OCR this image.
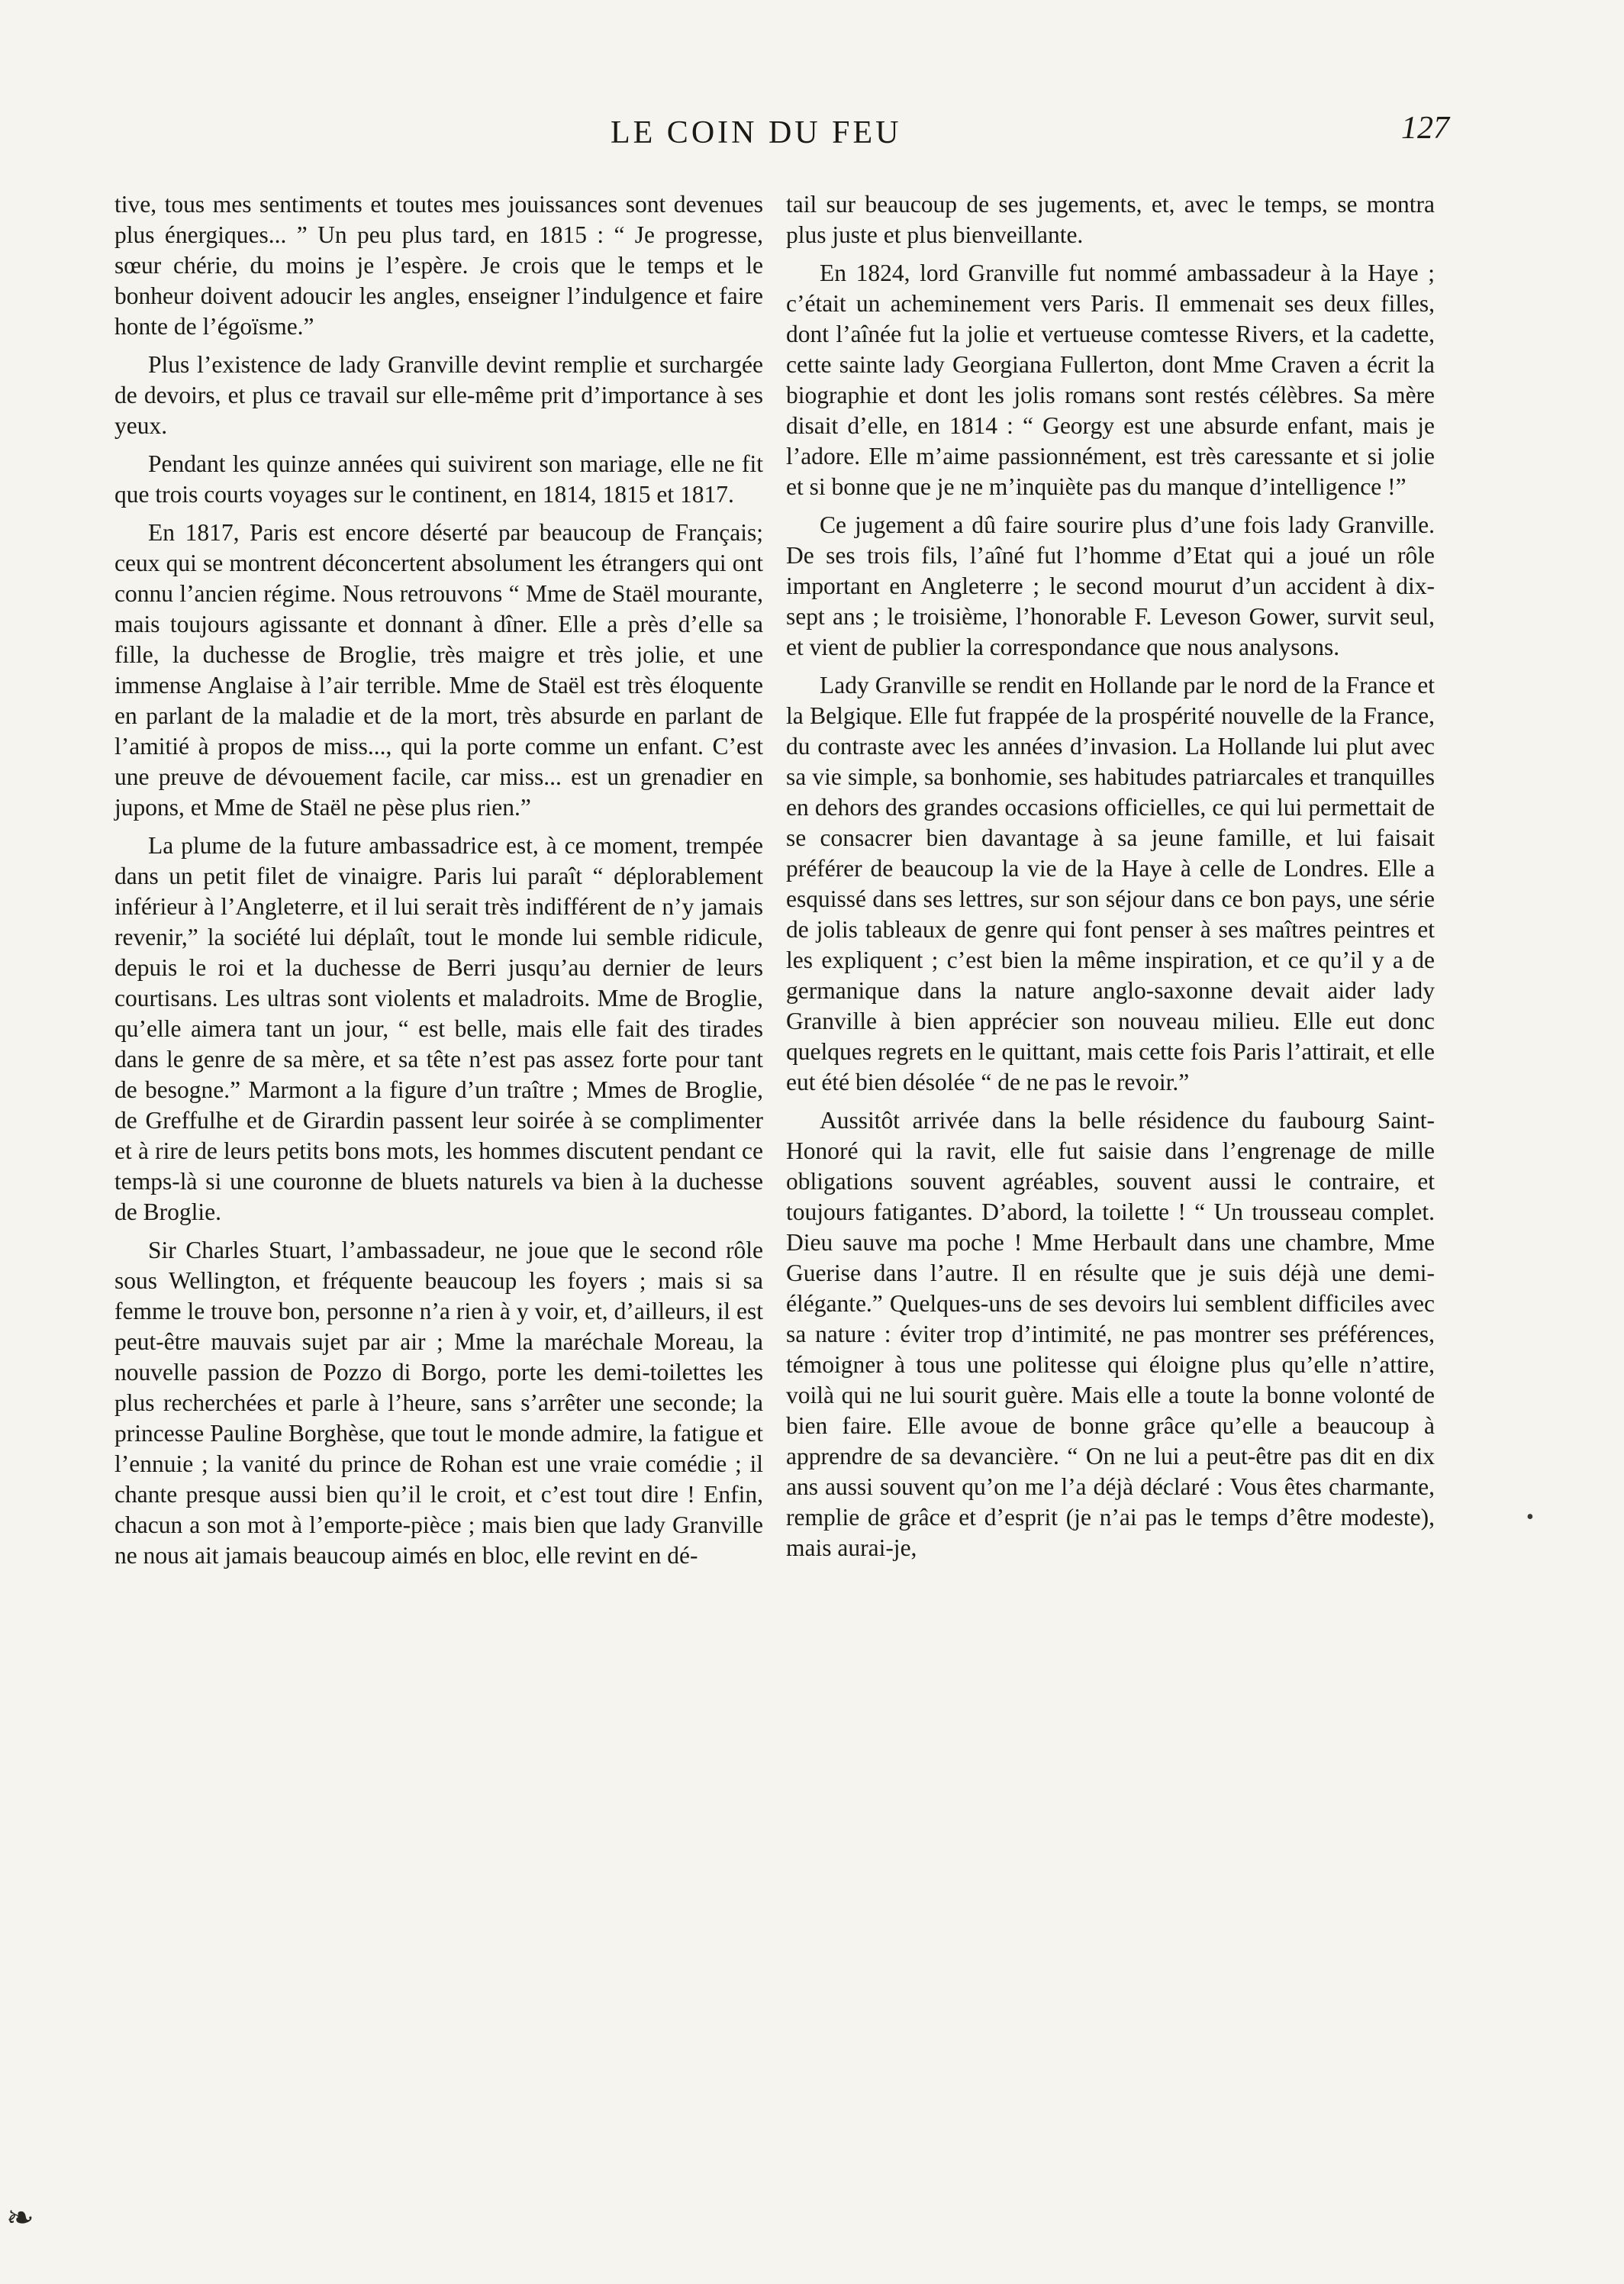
LE COIN DU FEU	127

tive, tous mes sentiments et toutes mes jouissances sont devenues plus énergiques... ” Un peu plus tard, en 1815 : “ Je progresse, sœur chérie, du moins je l’espère. Je crois que le temps et le bonheur doivent adoucir les angles, enseigner l’indulgence et faire honte de l’égoïsme.”

Plus l’existence de lady Granville devint remplie et surchargée de devoirs, et plus ce travail sur elle-même prit d’importance à ses yeux.

Pendant les quinze années qui suivirent son mariage, elle ne fit que trois courts voyages sur le continent, en 1814, 1815 et 1817.

En 1817, Paris est encore déserté par beaucoup de Français; ceux qui se montrent déconcertent absolument les étrangers qui ont connu l’ancien régime. Nous retrouvons “ Mme de Staël mourante, mais toujours agissante et donnant à dîner. Elle a près d’elle sa fille, la duchesse de Broglie, très maigre et très jolie, et une immense Anglaise à l’air terrible. Mme de Staël est très éloquente en parlant de la maladie et de la mort, très absurde en parlant de l’amitié à propos de miss..., qui la porte comme un enfant. C’est une preuve de dévouement facile, car miss... est un grenadier en jupons, et Mme de Staël ne pèse plus rien.”

La plume de la future ambassadrice est, à ce moment, trempée dans un petit filet de vinaigre. Paris lui paraît “ déplorablement inférieur à l’Angleterre, et il lui serait très indifférent de n’y jamais revenir,” la société lui déplaît, tout le monde lui semble ridicule, depuis le roi et la duchesse de Berri jusqu’au dernier de leurs courtisans. Les ultras sont violents et maladroits. Mme de Broglie, qu’elle aimera tant un jour, “ est belle, mais elle fait des tirades dans le genre de sa mère, et sa tête n’est pas assez forte pour tant de besogne.” Marmont a la figure d’un traître ; Mmes de Broglie, de Greffulhe et de Girardin passent leur soirée à se complimenter et à rire de leurs petits bons mots, les hommes discutent pendant ce temps-là si une couronne de bluets naturels va bien à la duchesse de Broglie.

Sir Charles Stuart, l’ambassadeur, ne joue que le second rôle sous Wellington, et fréquente beaucoup les foyers ; mais si sa femme le trouve bon, personne n’a rien à y voir, et, d’ailleurs, il est peut-être mauvais sujet par air ; Mme la maréchale Moreau, la nouvelle passion de Pozzo di Borgo, porte les demi-toilettes les plus recherchées et parle à l’heure, sans s’arrêter une seconde; la princesse Pauline Borghèse, que tout le monde admire, la fatigue et l’ennuie ; la vanité du prince de Rohan est une vraie comédie ; il chante presque aussi bien qu’il le croit, et c’est tout dire ! Enfin, chacun a son mot à l’emporte-pièce ; mais bien que lady Granville ne nous ait jamais beaucoup aimés en bloc, elle revint en dé-

tail sur beaucoup de ses jugements, et, avec le temps, se montra plus juste et plus bienveillante.

En 1824, lord Granville fut nommé ambassadeur à la Haye ; c’était un acheminement vers Paris. Il emmenait ses deux filles, dont l’aînée fut la jolie et vertueuse comtesse Rivers, et la cadette, cette sainte lady Georgiana Fullerton, dont Mme Craven a écrit la biographie et dont les jolis romans sont restés célèbres. Sa mère disait d’elle, en 1814 : “ Georgy est une absurde enfant, mais je l’adore. Elle m’aime passionnément, est très caressante et si jolie et si bonne que je ne m’inquiète pas du manque d’intelligence !”

Ce jugement a dû faire sourire plus d’une fois lady Granville. De ses trois fils, l’aîné fut l’homme d’Etat qui a joué un rôle important en Angleterre ; le second mourut d’un accident à dix-sept ans ; le troisième, l’honorable F. Leveson Gower, survit seul, et vient de publier la correspondance que nous analysons.

Lady Granville se rendit en Hollande par le nord de la France et la Belgique. Elle fut frappée de la prospérité nouvelle de la France, du contraste avec les années d’invasion. La Hollande lui plut avec sa vie simple, sa bonhomie, ses habitudes patriarcales et tranquilles en dehors des grandes occasions officielles, ce qui lui permettait de se consacrer bien davantage à sa jeune famille, et lui faisait préférer de beaucoup la vie de la Haye à celle de Londres. Elle a esquissé dans ses lettres, sur son séjour dans ce bon pays, une série de jolis tableaux de genre qui font penser à ses maîtres peintres et les expliquent ; c’est bien la même inspiration, et ce qu’il y a de germanique dans la nature anglo-saxonne devait aider lady Granville à bien apprécier son nouveau milieu. Elle eut donc quelques regrets en le quittant, mais cette fois Paris l’attirait, et elle eut été bien désolée “ de ne pas le revoir.”

Aussitôt arrivée dans la belle résidence du faubourg Saint-Honoré qui la ravit, elle fut saisie dans l’engrenage de mille obligations souvent agréables, souvent aussi le contraire, et toujours fatigantes. D’abord, la toilette ! “ Un trousseau complet. Dieu sauve ma poche ! Mme Herbault dans une chambre, Mme Guerise dans l’autre. Il en résulte que je suis déjà une demi-élégante.” Quelques-uns de ses devoirs lui semblent difficiles avec sa nature : éviter trop d’intimité, ne pas montrer ses préférences, témoigner à tous une politesse qui éloigne plus qu’elle n’attire, voilà qui ne lui sourit guère. Mais elle a toute la bonne volonté de bien faire. Elle avoue de bonne grâce qu’elle a beaucoup à apprendre de sa devancière. “ On ne lui a peut-être pas dit en dix ans aussi souvent qu’on me l’a déjà déclaré : Vous êtes charmante, remplie de grâce et d’esprit (je n’ai pas le temps d’être modeste), mais aurai-je,

❧
•
